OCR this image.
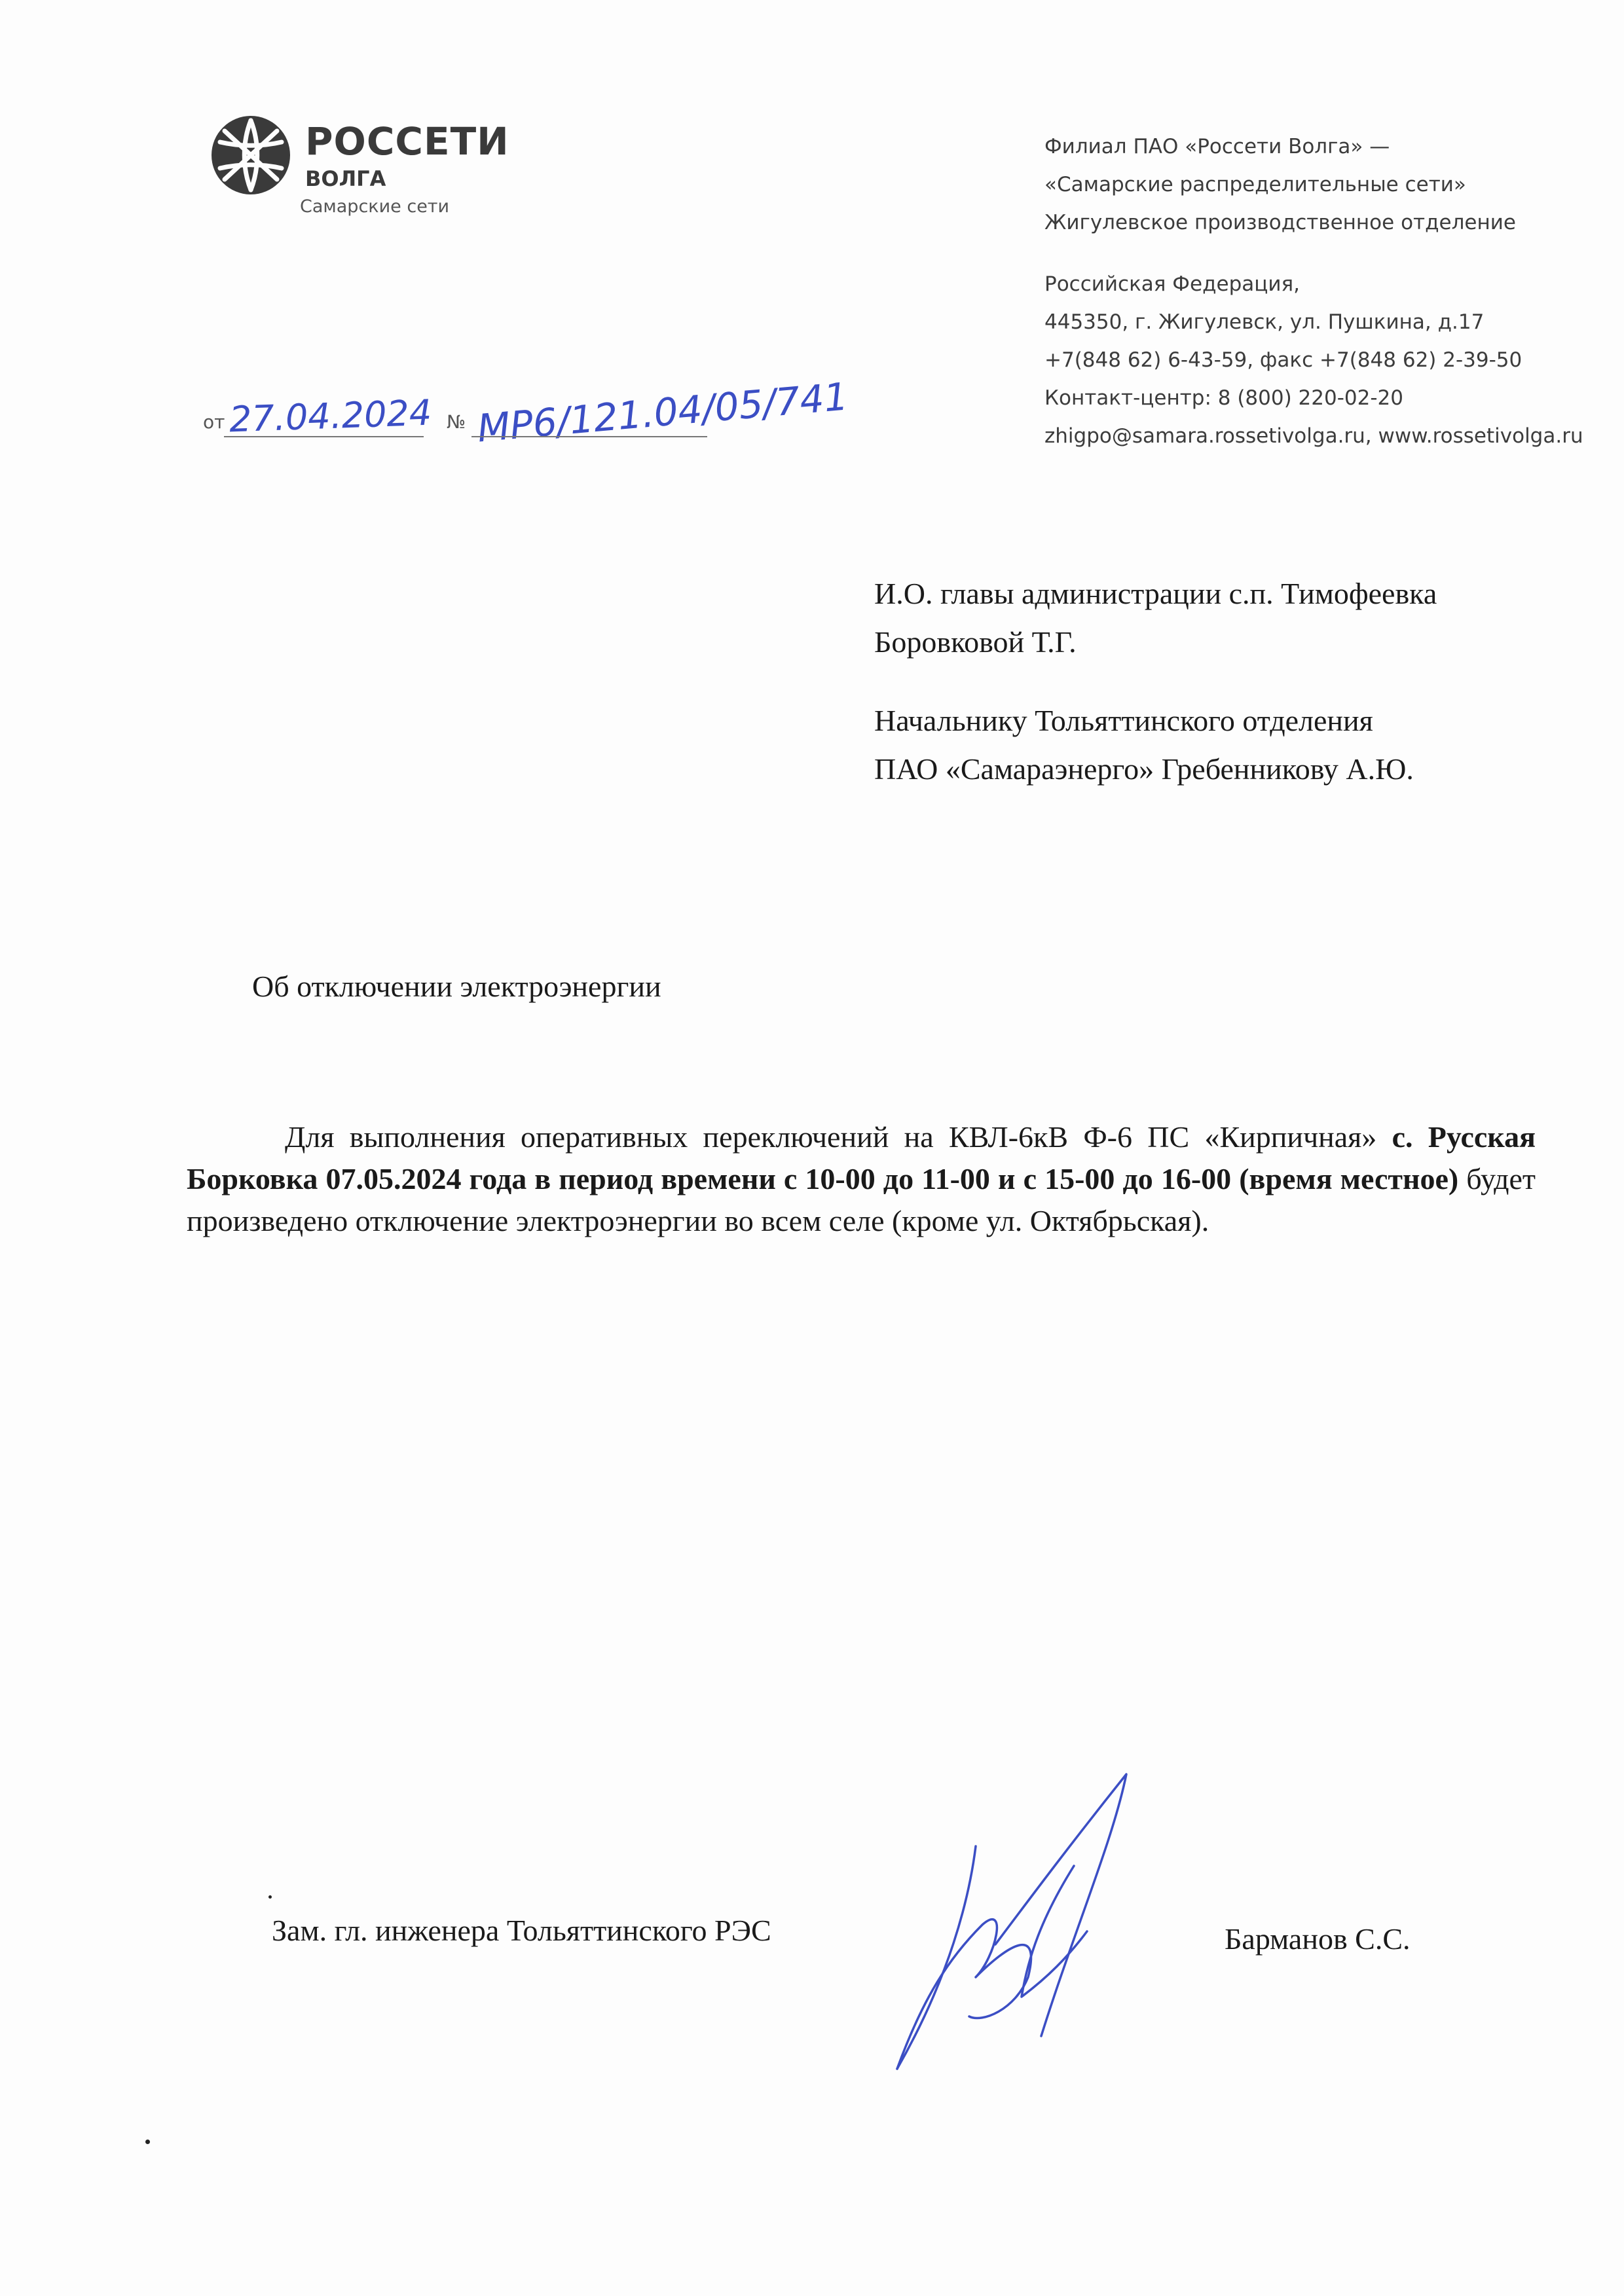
РОССЕТИ
ВОЛГА
Самарские сети
Филиал ПАО «Россети Волга» —
«Самарские распределительные сети»
Жигулевское производственное отделение
Российская Федерация,
445350, г. Жигулевск, ул. Пушкина, д.17
+7(848 62) 6-43-59, факс +7(848 62) 2-39-50
Контакт-центр: 8 (800) 220-02-20
zhigpo@samara.rossetivolga.ru, www.rossetivolga.ru
от 27.04.2024 № МР6/121.04/05/741
И.О. главы администрации с.п. Тимофеевка
Боровковой Т.Г.
Начальнику Тольяттинского отделения
ПАО «Самараэнерго» Гребенникову А.Ю.
Об отключении электроэнергии
Для выполнения оперативных переключений на КВЛ-6кВ Ф-6 ПС «Кирпичная» с. Русская Борковка 07.05.2024 года в период времени с 10-00 до 11-00 и с 15-00 до 16-00 (время местное) будет произведено отключение электроэнергии во всем селе (кроме ул. Октябрьская).
Зам. гл. инженера Тольяттинского РЭС	Барманов С.С.
